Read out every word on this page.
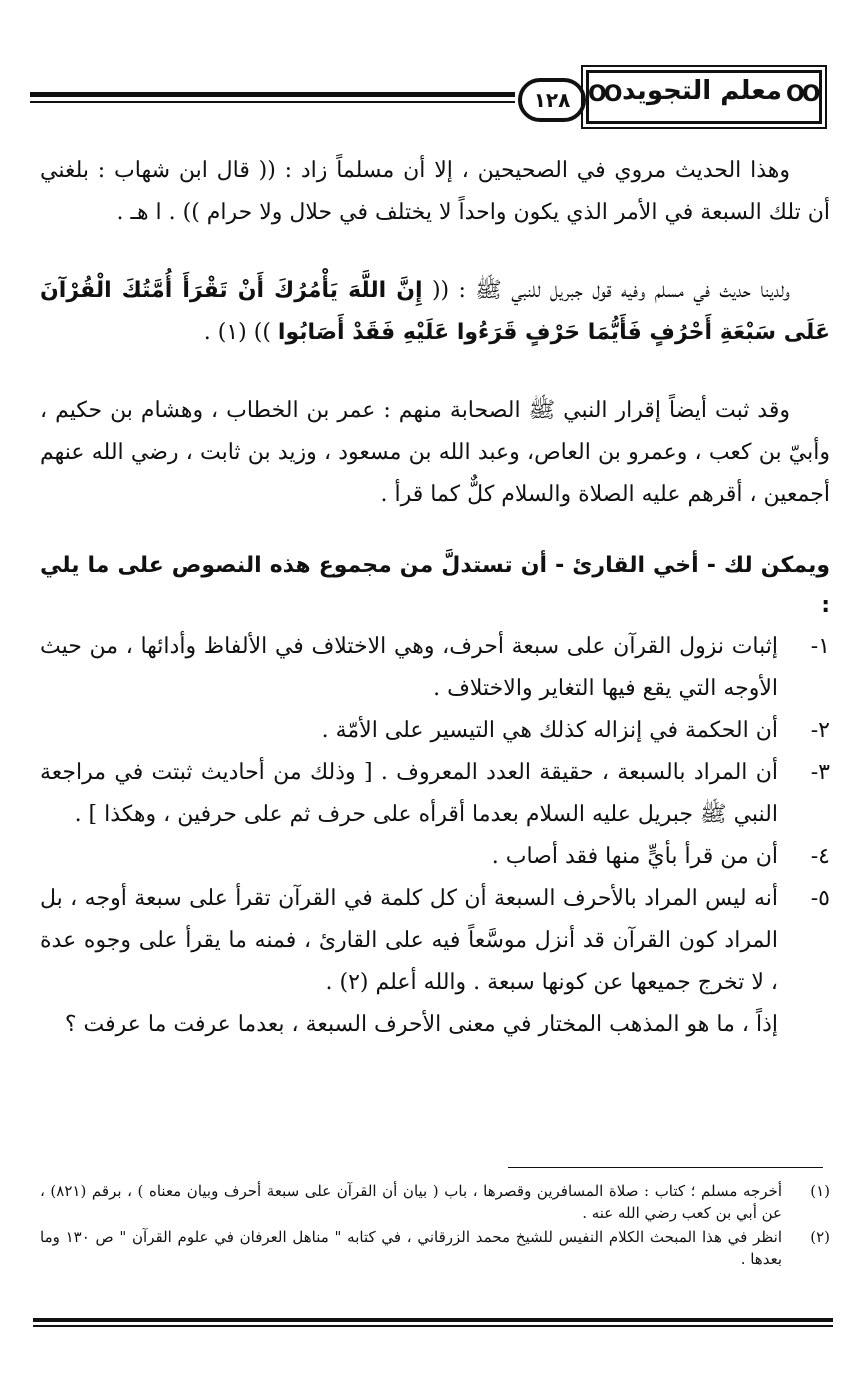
١٢٨ OO معلم التجويد OO

وهذا الحديث مروي في الصحيحين ، إلا أن مسلماً زاد : (( قال ابن شهاب : بلغني أن تلك السبعة في الأمر الذي يكون واحداً لا يختلف في حلال ولا حرام )) . ا هـ .

ولدينا حديث في مسلم وفيه قول جبريل للنبي ﷺ : (( إِنَّ اللَّهَ يَأْمُرُكَ أَنْ تَقْرَأَ أُمَّتُكَ الْقُرْآنَ عَلَى سَبْعَةِ أَحْرُفٍ فَأَيُّمَا حَرْفٍ قَرَءُوا عَلَيْهِ فَقَدْ أَصَابُوا )) (١) .

وقد ثبت أيضاً إقرار النبي ﷺ الصحابة منهم : عمر بن الخطاب ، وهشام بن حكيم ، وأبيّ بن كعب ، وعمرو بن العاص، وعبد الله بن مسعود ، وزيد بن ثابت ، رضي الله عنهم أجمعين ، أقرهم عليه الصلاة والسلام كلٌّ كما قرأ .

ويمكن لك - أخي القارئ - أن تستدلَّ من مجموع هذه النصوص على ما يلي :
١-
إثبات نزول القرآن على سبعة أحرف، وهي الاختلاف في الألفاظ وأدائها ، من حيث الأوجه التي يقع فيها التغاير والاختلاف .
٢-
أن الحكمة في إنزاله كذلك هي التيسير على الأمّة .
٣-
أن المراد بالسبعة ، حقيقة العدد المعروف . [ وذلك من أحاديث ثبتت في مراجعة النبي ﷺ جبريل عليه السلام بعدما أقرأه على حرف ثم على حرفين ، وهكذا ] .
٤-
أن من قرأ بأيٍّ منها فقد أصاب .
٥-
أنه ليس المراد بالأحرف السبعة أن كل كلمة في القرآن تقرأ على سبعة أوجه ، بل المراد كون القرآن قد أنزل موسَّعاً فيه على القارئ ، فمنه ما يقرأ على وجوه عدة ، لا تخرج جميعها عن كونها سبعة . والله أعلم (٢) .
إذاً ، ما هو المذهب المختار في معنى الأحرف السبعة ، بعدما عرفت ما عرفت ؟
(١)
أخرجه مسلم ؛ كتاب : صلاة المسافرين وقصرها ، باب ( بيان أن القرآن على سبعة أحرف وبيان معناه ) ، برقم (٨٢١) ، عن أبي بن كعب رضي الله عنه .
(٢)
انظر في هذا المبحث الكلام النفيس للشيخ محمد الزرقاني ، في كتابه " مناهل العرفان في علوم القرآن " ص ١٣٠ وما بعدها .
